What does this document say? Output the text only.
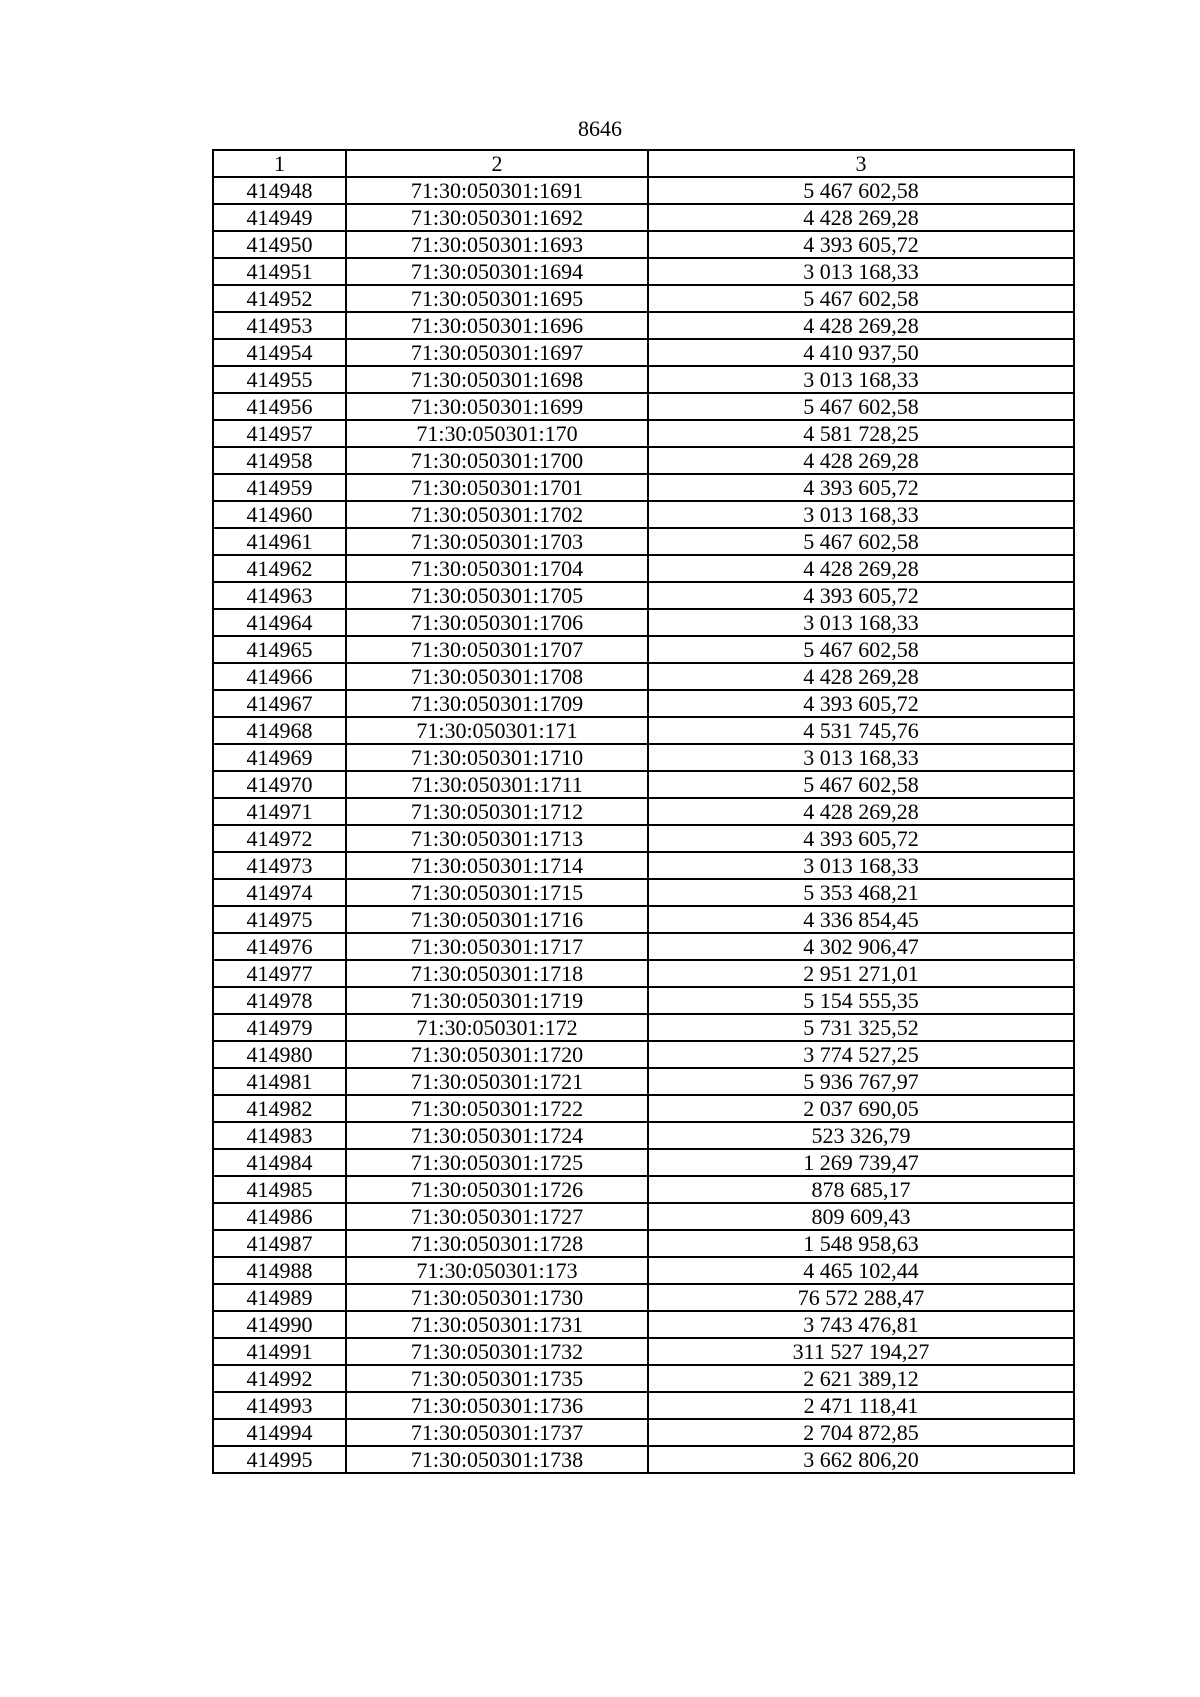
8646
1	2	3
414948	71:30:050301:1691	5 467 602,58
414949	71:30:050301:1692	4 428 269,28
414950	71:30:050301:1693	4 393 605,72
414951	71:30:050301:1694	3 013 168,33
414952	71:30:050301:1695	5 467 602,58
414953	71:30:050301:1696	4 428 269,28
414954	71:30:050301:1697	4 410 937,50
414955	71:30:050301:1698	3 013 168,33
414956	71:30:050301:1699	5 467 602,58
414957	71:30:050301:170	4 581 728,25
414958	71:30:050301:1700	4 428 269,28
414959	71:30:050301:1701	4 393 605,72
414960	71:30:050301:1702	3 013 168,33
414961	71:30:050301:1703	5 467 602,58
414962	71:30:050301:1704	4 428 269,28
414963	71:30:050301:1705	4 393 605,72
414964	71:30:050301:1706	3 013 168,33
414965	71:30:050301:1707	5 467 602,58
414966	71:30:050301:1708	4 428 269,28
414967	71:30:050301:1709	4 393 605,72
414968	71:30:050301:171	4 531 745,76
414969	71:30:050301:1710	3 013 168,33
414970	71:30:050301:1711	5 467 602,58
414971	71:30:050301:1712	4 428 269,28
414972	71:30:050301:1713	4 393 605,72
414973	71:30:050301:1714	3 013 168,33
414974	71:30:050301:1715	5 353 468,21
414975	71:30:050301:1716	4 336 854,45
414976	71:30:050301:1717	4 302 906,47
414977	71:30:050301:1718	2 951 271,01
414978	71:30:050301:1719	5 154 555,35
414979	71:30:050301:172	5 731 325,52
414980	71:30:050301:1720	3 774 527,25
414981	71:30:050301:1721	5 936 767,97
414982	71:30:050301:1722	2 037 690,05
414983	71:30:050301:1724	523 326,79
414984	71:30:050301:1725	1 269 739,47
414985	71:30:050301:1726	878 685,17
414986	71:30:050301:1727	809 609,43
414987	71:30:050301:1728	1 548 958,63
414988	71:30:050301:173	4 465 102,44
414989	71:30:050301:1730	76 572 288,47
414990	71:30:050301:1731	3 743 476,81
414991	71:30:050301:1732	311 527 194,27
414992	71:30:050301:1735	2 621 389,12
414993	71:30:050301:1736	2 471 118,41
414994	71:30:050301:1737	2 704 872,85
414995	71:30:050301:1738	3 662 806,20
